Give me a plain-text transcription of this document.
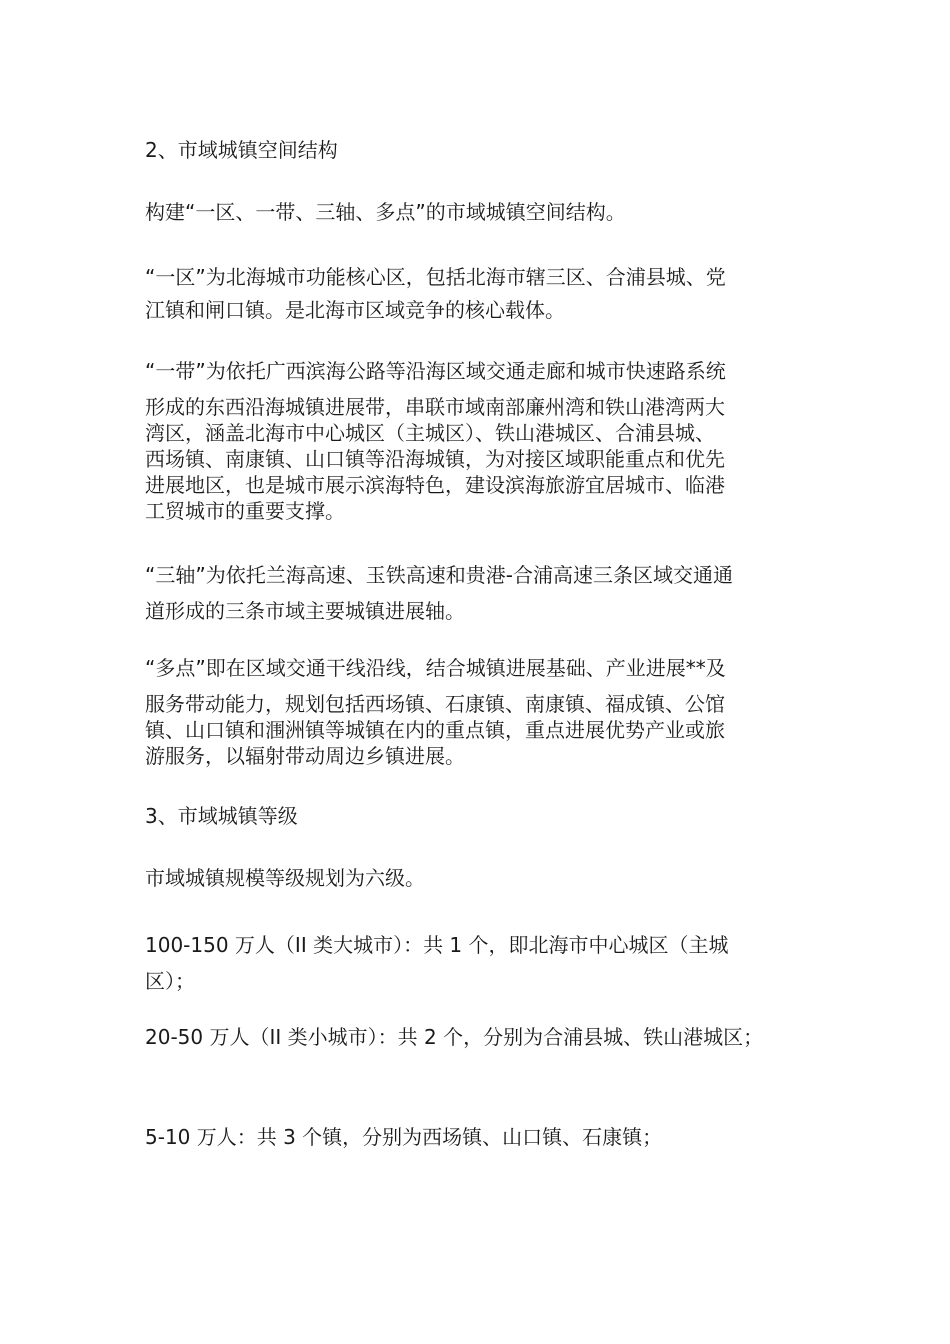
2、市域城镇空间结构

构建“一区、一带、三轴、多点”的市域城镇空间结构。

“一区”为北海城市功能核心区，包括北海市辖三区、合浦县城、党
江镇和闸口镇。是北海市区域竞争的核心载体。
“一带”为依托广西滨海公路等沿海区域交通走廊和城市快速路系统
形成的东西沿海城镇进展带，串联市域南部廉州湾和铁山港湾两大
湾区，涵盖北海市中心城区（主城区）、铁山港城区、合浦县城、
西场镇、南康镇、山口镇等沿海城镇，为对接区域职能重点和优先
进展地区，也是城市展示滨海特色，建设滨海旅游宜居城市、临港
工贸城市的重要支撑。
“三轴”为依托兰海高速、玉铁高速和贵港-合浦高速三条区域交通通
道形成的三条市域主要城镇进展轴。
“多点”即在区域交通干线沿线，结合城镇进展基础、产业进展**及
服务带动能力，规划包括西场镇、石康镇、南康镇、福成镇、公馆
镇、山口镇和涠洲镇等城镇在内的重点镇，重点进展优势产业或旅
游服务，以辐射带动周边乡镇进展。

3、市域城镇等级

市域城镇规模等级规划为六级。

100-150 万人（II 类大城市）：共 1 个，即北海市中心城区（主城
区）；

20-50 万人（II 类小城市）：共 2 个，分别为合浦县城、铁山港城区；

5-10 万人：共 3 个镇，分别为西场镇、山口镇、石康镇；
